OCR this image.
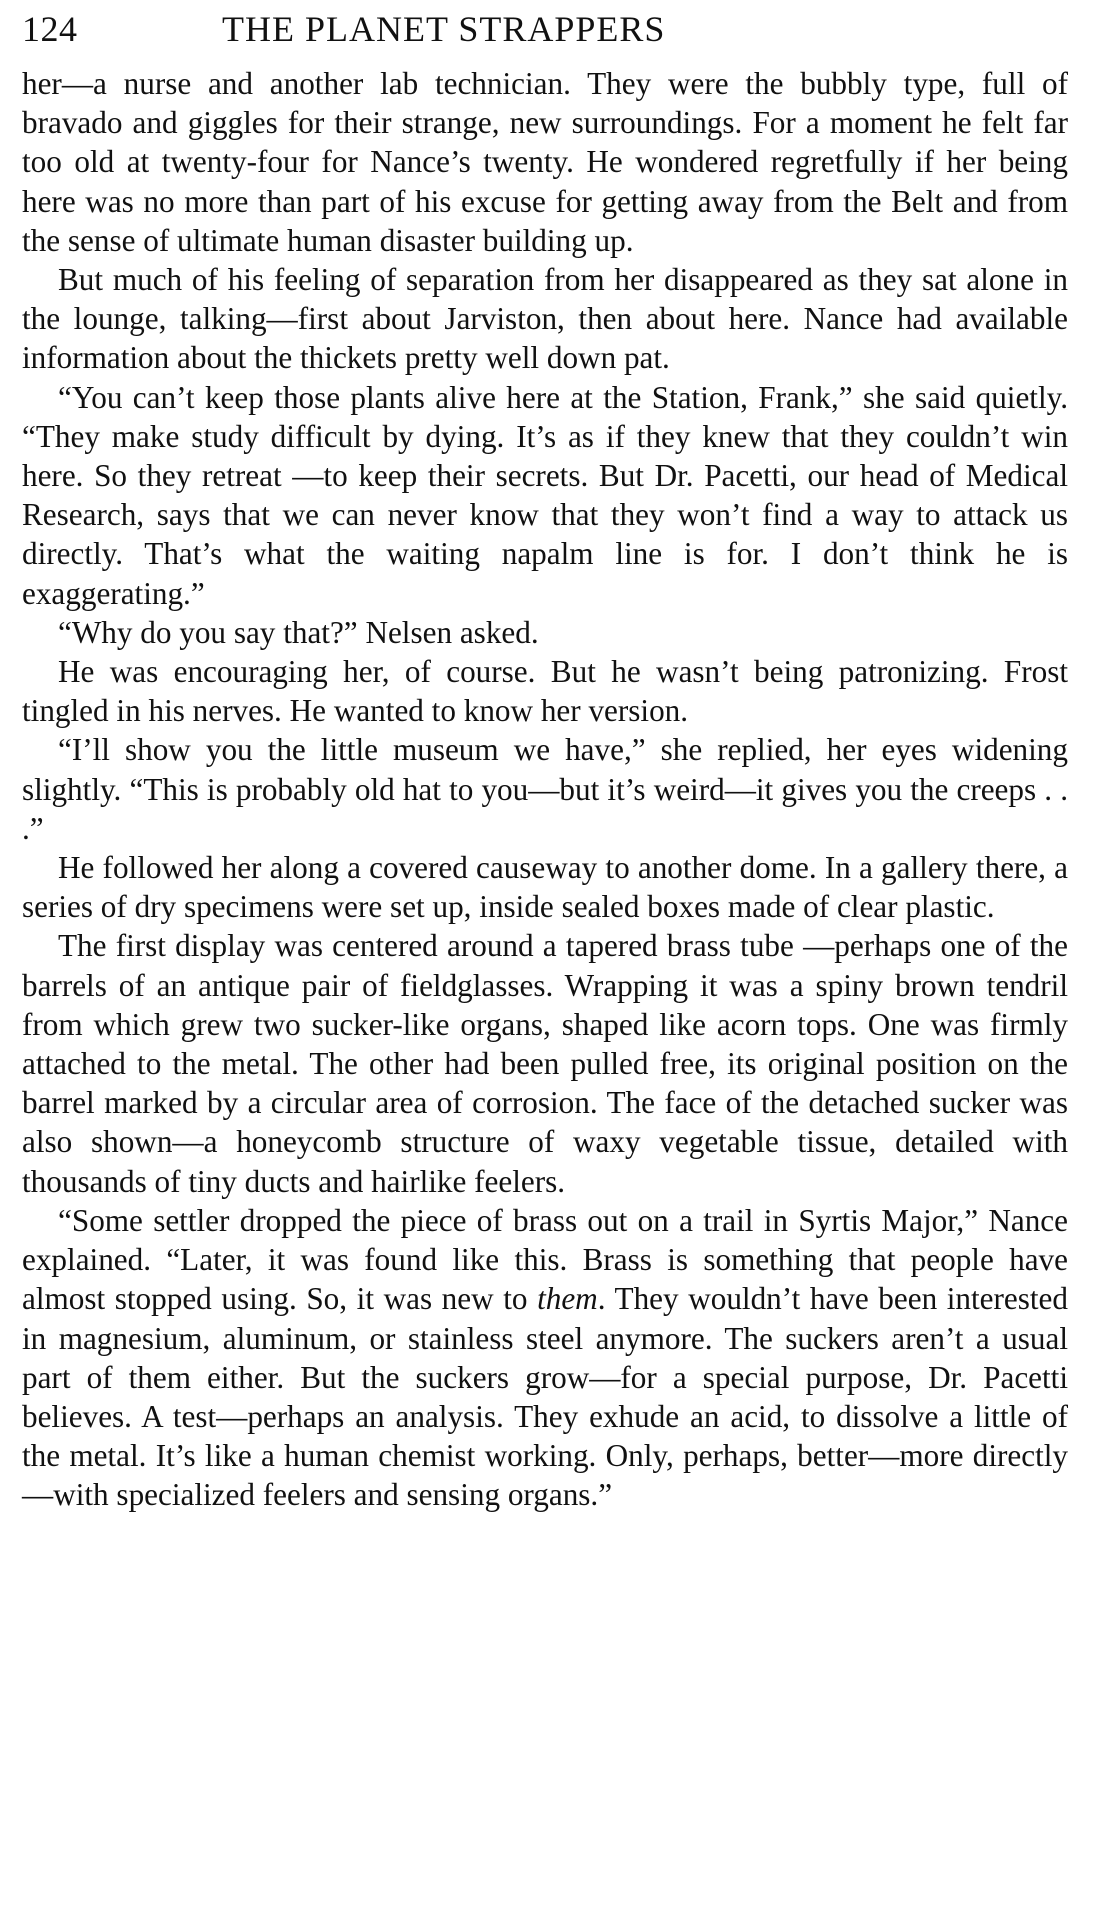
124	THE PLANET STRAPPERS

her—a nurse and another lab technician. They were the bubbly type, full of bravado and giggles for their strange, new surroundings. For a moment he felt far too old at twenty-four for Nance’s twenty. He wondered regretfully if her being here was no more than part of his excuse for getting away from the Belt and from the sense of ultimate human disaster building up.

But much of his feeling of separation from her disappeared as they sat alone in the lounge, talking—first about Jarviston, then about here. Nance had available information about the thickets pretty well down pat.

“You can’t keep those plants alive here at the Station, Frank,” she said quietly. “They make study difficult by dying. It’s as if they knew that they couldn’t win here. So they retreat —to keep their secrets. But Dr. Pacetti, our head of Medical Research, says that we can never know that they won’t find a way to attack us directly. That’s what the waiting napalm line is for. I don’t think he is exaggerating.”

“Why do you say that?” Nelsen asked.

He was encouraging her, of course. But he wasn’t being patronizing. Frost tingled in his nerves. He wanted to know her version.

“I’ll show you the little museum we have,” she replied, her eyes widening slightly. “This is probably old hat to you—but it’s weird—it gives you the creeps . . .”

He followed her along a covered causeway to another dome. In a gallery there, a series of dry specimens were set up, inside sealed boxes made of clear plastic.

The first display was centered around a tapered brass tube —perhaps one of the barrels of an antique pair of fieldglasses. Wrapping it was a spiny brown tendril from which grew two sucker-like organs, shaped like acorn tops. One was firmly attached to the metal. The other had been pulled free, its original position on the barrel marked by a circular area of corrosion. The face of the detached sucker was also shown—a honeycomb structure of waxy vegetable tissue, detailed with thousands of tiny ducts and hairlike feelers.

“Some settler dropped the piece of brass out on a trail in Syrtis Major,” Nance explained. “Later, it was found like this. Brass is something that people have almost stopped using. So, it was new to them. They wouldn’t have been interested in magnesium, aluminum, or stainless steel anymore. The suckers aren’t a usual part of them either. But the suckers grow—for a special purpose, Dr. Pacetti believes. A test—perhaps an analysis. They exhude an acid, to dissolve a little of the metal. It’s like a human chemist working. Only, perhaps, better—more directly—with specialized feelers and sensing organs.”
